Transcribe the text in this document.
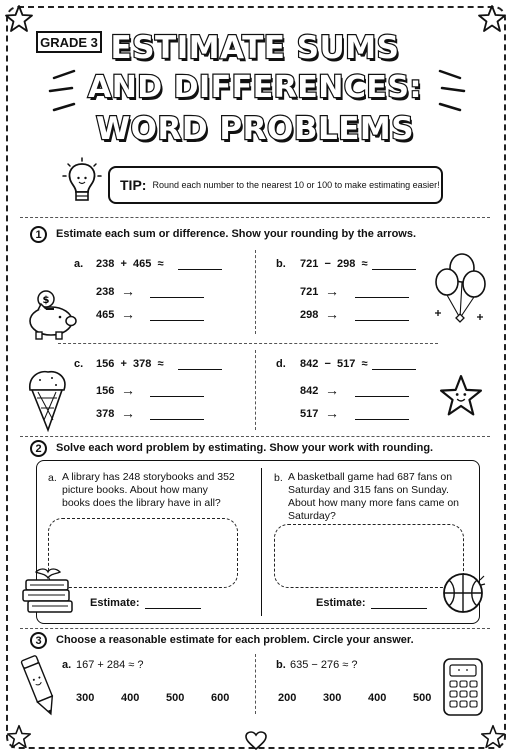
GRADE 3 ESTIMATE SUMS
AND DIFFERENCES:
WORD PROBLEMS
TIP: Round each number to the nearest 10 or 100 to make estimating easier!
1	Estimate each sum or difference. Show your rounding by the arrows.
a. 238  +  465  ≈
238 →
465 →
b. 721  −  298  ≈
721 →
298 →
c. 156  +  378  ≈
156 →
378 →
d. 842  −  517  ≈
842 →
517 →
$
2	Solve each word problem by estimating. Show your work with rounding.
a. A library has 248 storybooks and 352 picture books. About how many books does the library have in all?
Estimate:
b. A basketball game had 687 fans on Saturday and 315 fans on Sunday. About how many more fans came on Saturday?
Estimate:
3	Choose a reasonable estimate for each problem. Circle your answer.
a. 167 + 284 ≈ ?
300 400 500 600
b. 635 − 276 ≈ ?
200 300 400 500
